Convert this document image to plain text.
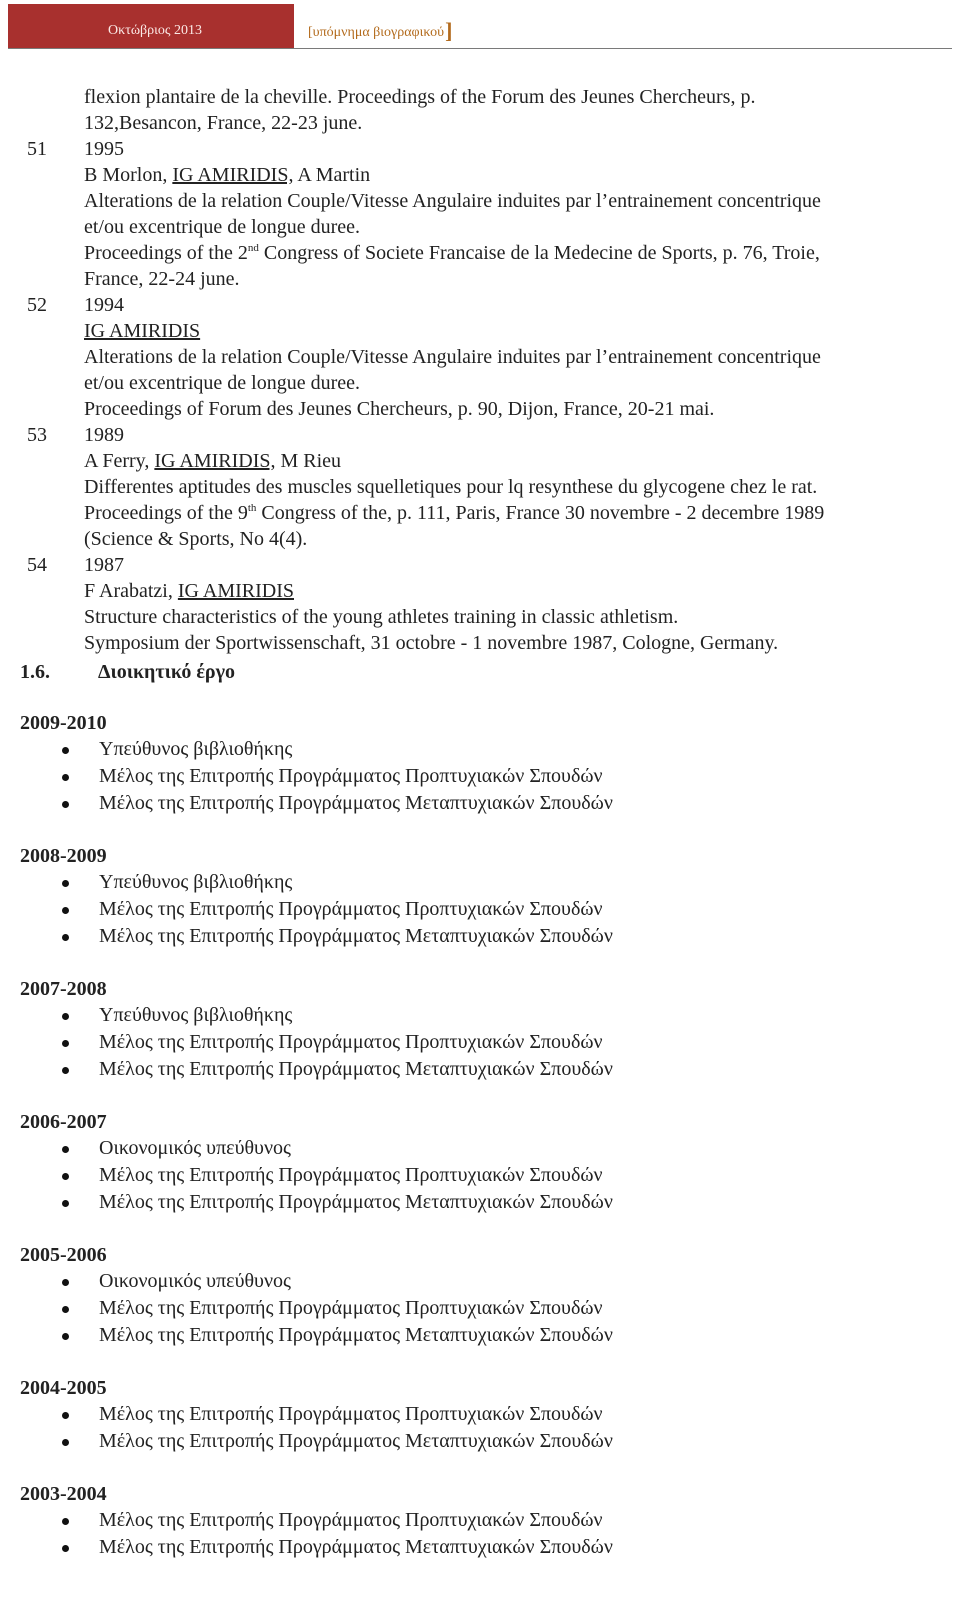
Οκτώβριος 2013	[υπόμνημα βιογραφικού]
flexion plantaire de la cheville. Proceedings of the Forum des Jeunes Chercheurs, p.
132,Besancon, France, 22-23 june.
51 1995
B Morlon, IG AMIRIDIS, A Martin
Alterations de la relation Couple/Vitesse Angulaire induites par l’entrainement concentrique
et/ou excentrique de longue duree.
Proceedings of the 2nd Congress of Societe Francaise de la Medecine de Sports, p. 76, Troie,
France, 22-24 june.
52 1994
IG AMIRIDIS
Alterations de la relation Couple/Vitesse Angulaire induites par l’entrainement concentrique
et/ou excentrique de longue duree.
Proceedings of Forum des Jeunes Chercheurs, p. 90, Dijon, France, 20-21 mai.
53 1989
A Ferry, IG AMIRIDIS, M Rieu
Differentes aptitudes des muscles squelletiques pour lq resynthese du glycogene chez le rat.
Proceedings of the 9th Congress of the, p. 111, Paris, France 30 novembre - 2 decembre 1989
(Science & Sports, No 4(4).
54 1987
F Arabatzi, IG AMIRIDIS
Structure characteristics of the young athletes training in classic athletism.
Symposium der Sportwissenschaft, 31 octobre - 1 novembre 1987, Cologne, Germany.
1.6. Διοικητικό έργο
2009-2010
Υπεύθυνος βιβλιοθήκης
Μέλος της Επιτροπής Προγράμματος Προπτυχιακών Σπουδών
Μέλος της Επιτροπής Προγράμματος Μεταπτυχιακών Σπουδών
2008-2009
Υπεύθυνος βιβλιοθήκης
Μέλος της Επιτροπής Προγράμματος Προπτυχιακών Σπουδών
Μέλος της Επιτροπής Προγράμματος Μεταπτυχιακών Σπουδών
2007-2008
Υπεύθυνος βιβλιοθήκης
Μέλος της Επιτροπής Προγράμματος Προπτυχιακών Σπουδών
Μέλος της Επιτροπής Προγράμματος Μεταπτυχιακών Σπουδών
2006-2007
Οικονομικός υπεύθυνος
Μέλος της Επιτροπής Προγράμματος Προπτυχιακών Σπουδών
Μέλος της Επιτροπής Προγράμματος Μεταπτυχιακών Σπουδών
2005-2006
Οικονομικός υπεύθυνος
Μέλος της Επιτροπής Προγράμματος Προπτυχιακών Σπουδών
Μέλος της Επιτροπής Προγράμματος Μεταπτυχιακών Σπουδών
2004-2005
Μέλος της Επιτροπής Προγράμματος Προπτυχιακών Σπουδών
Μέλος της Επιτροπής Προγράμματος Μεταπτυχιακών Σπουδών
2003-2004
Μέλος της Επιτροπής Προγράμματος Προπτυχιακών Σπουδών
Μέλος της Επιτροπής Προγράμματος Μεταπτυχιακών Σπουδών
